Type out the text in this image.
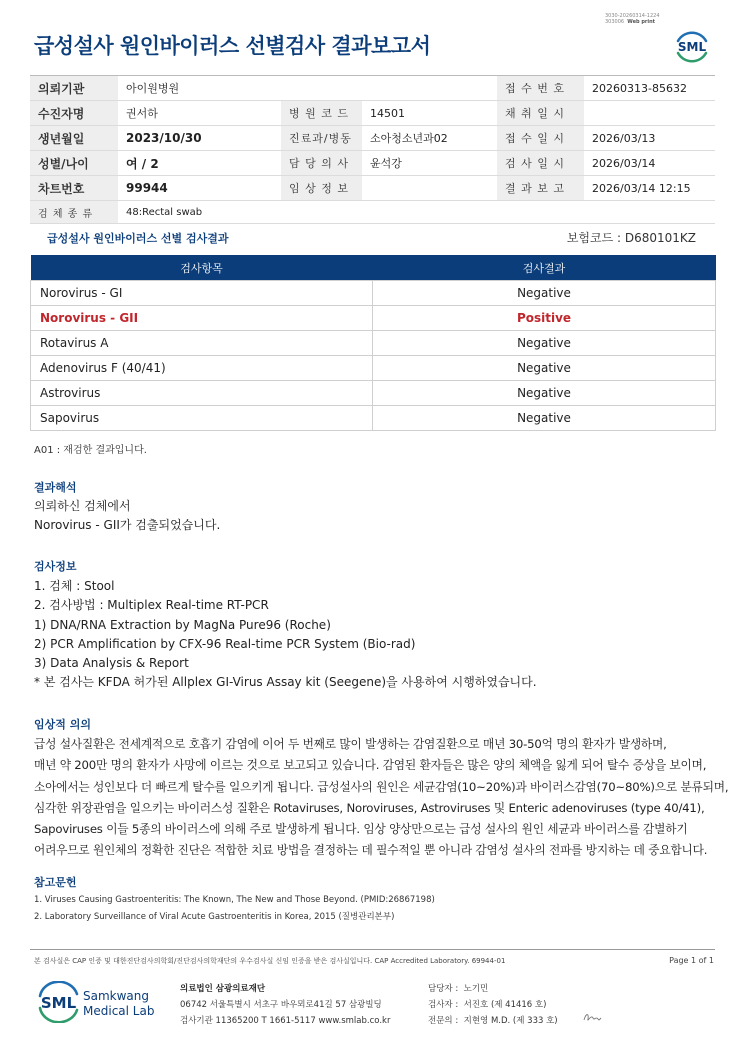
급성설사 원인바이러스 선별검사 결과보고서
3030-20260314-1224
303006 Web print
SML
의뢰기관	아이원병원			접 수 번 호	20260313-85632
수진자명	권서하	병 원 코 드	14501	채 취 일 시	
생년월일	2023/10/30	진료과/병동	소아청소년과02	접 수 일 시	2026/03/13
성별/나이	여 / 2	담 당 의 사	윤석강	검 사 일 시	2026/03/14
차트번호	99944	임 상 정 보		결 과 보 고	2026/03/14 12:15
검 체 종 류	48:Rectal swab				
급성설사 원인바이러스 선별 검사결과	보험코드 : D680101KZ
검사항목	검사결과
Norovirus - GI	Negative
Norovirus - GII	Positive
Rotavirus A	Negative
Adenovirus F (40/41)	Negative
Astrovirus	Negative
Sapovirus	Negative
A01 : 재검한 결과입니다.
결과해석
의뢰하신 검체에서
Norovirus - GII가 검출되었습니다.
검사정보
1. 검체 : Stool
2. 검사방법 : Multiplex Real-time RT-PCR
1) DNA/RNA Extraction by MagNa Pure96 (Roche)
2) PCR Amplification by CFX-96 Real-time PCR System (Bio-rad)
3) Data Analysis & Report
* 본 검사는 KFDA 허가된 Allplex GI-Virus Assay kit (Seegene)을 사용하여 시행하였습니다.
임상적 의의
급성 설사질환은 전세계적으로 호흡기 감염에 이어 두 번째로 많이 발생하는 감염질환으로 매년 30-50억 명의 환자가 발생하며,
매년 약 200만 명의 환자가 사망에 이르는 것으로 보고되고 있습니다. 감염된 환자들은 많은 양의 체액을 잃게 되어 탈수 증상을 보이며,
소아에서는 성인보다 더 빠르게 탈수를 일으키게 됩니다. 급성설사의 원인은 세균감염(10~20%)과 바이러스감염(70~80%)으로 분류되며,
심각한 위장관염을 일으키는 바이러스성 질환은 Rotaviruses, Noroviruses, Astroviruses 및 Enteric adenoviruses (type 40/41),
Sapoviruses 이들 5종의 바이러스에 의해 주로 발생하게 됩니다. 임상 양상만으로는 급성 설사의 원인 세균과 바이러스를 감별하기
어려우므로 원인체의 정확한 진단은 적합한 치료 방법을 결정하는 데 필수적일 뿐 아니라 감염성 설사의 전파를 방지하는 데 중요합니다.
참고문헌
1. Viruses Causing Gastroenteritis: The Known, The New and Those Beyond. (PMID:26867198)
2. Laboratory Surveillance of Viral Acute Gastroenteritis in Korea, 2015 (질병관리본부)
본 검사실은 CAP 인증 및 대한진단검사의학회/진단검사의학재단의 우수검사실 신임 인증을 받은 검사실입니다. CAP Accredited Laboratory. 69944-01	Page 1 of 1
SML Samkwang
Medical Lab
의료법인 삼광의료재단
06742 서울특별시 서초구 바우뫼로41길 57 삼광빌딩
검사기관 11365200 T 1661-5117 www.smlab.co.kr
담당자 : 노기민
검사자 : 서진호 (제 41416 호)
전문의 : 지현영 M.D. (제 333 호)
